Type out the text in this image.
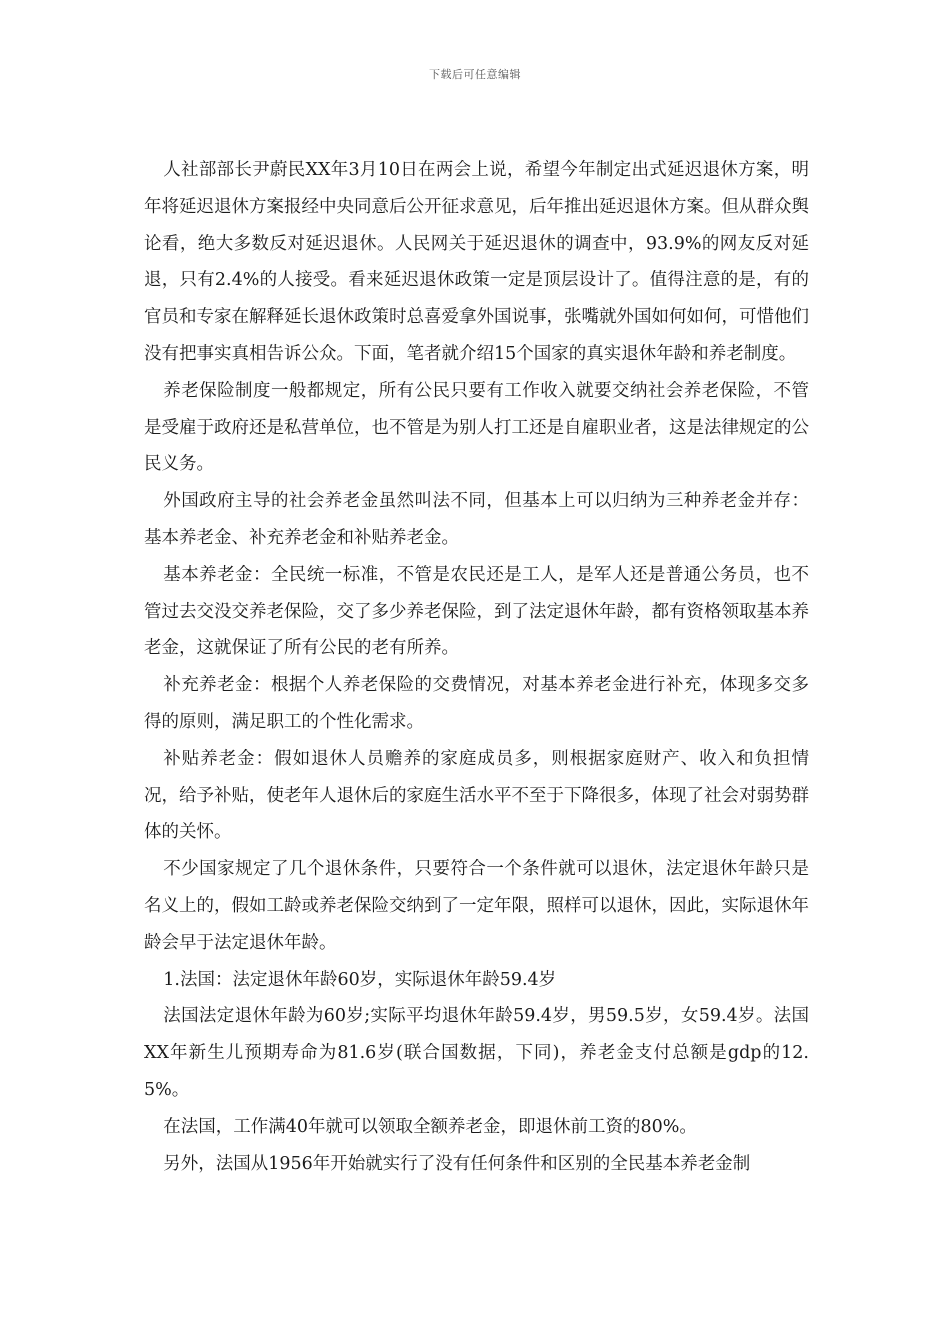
下载后可任意编辑

人社部部长尹蔚民XX年3月10日在两会上说，希望今年制定出式延迟退休方案，明年将延迟退休方案报经中央同意后公开征求意见，后年推出延迟退休方案。但从群众舆论看，绝大多数反对延迟退休。人民网关于延迟退休的调查中，93.9%的网友反对延退，只有2.4%的人接受。看来延迟退休政策一定是顶层设计了。值得注意的是，有的官员和专家在解释延长退休政策时总喜爱拿外国说事，张嘴就外国如何如何，可惜他们没有把事实真相告诉公众。下面，笔者就介绍15个国家的真实退休年龄和养老制度。

养老保险制度一般都规定，所有公民只要有工作收入就要交纳社会养老保险，不管是受雇于政府还是私营单位，也不管是为别人打工还是自雇职业者，这是法律规定的公民义务。

外国政府主导的社会养老金虽然叫法不同，但基本上可以归纳为三种养老金并存：基本养老金、补充养老金和补贴养老金。

基本养老金：全民统一标准，不管是农民还是工人，是军人还是普通公务员，也不管过去交没交养老保险，交了多少养老保险，到了法定退休年龄，都有资格领取基本养老金，这就保证了所有公民的老有所养。

补充养老金：根据个人养老保险的交费情况，对基本养老金进行补充，体现多交多得的原则，满足职工的个性化需求。

补贴养老金：假如退休人员赡养的家庭成员多，则根据家庭财产、收入和负担情况，给予补贴，使老年人退休后的家庭生活水平不至于下降很多，体现了社会对弱势群体的关怀。

不少国家规定了几个退休条件，只要符合一个条件就可以退休，法定退休年龄只是名义上的，假如工龄或养老保险交纳到了一定年限，照样可以退休，因此，实际退休年龄会早于法定退休年龄。

1.法国：法定退休年龄60岁，实际退休年龄59.4岁

法国法定退休年龄为60岁;实际平均退休年龄59.4岁，男59.5岁，女59.4岁。法国XX年新生儿预期寿命为81.6岁(联合国数据，下同)，养老金支付总额是gdp的12.5%。

在法国，工作满40年就可以领取全额养老金，即退休前工资的80%。

另外，法国从1956年开始就实行了没有任何条件和区别的全民基本养老金制
